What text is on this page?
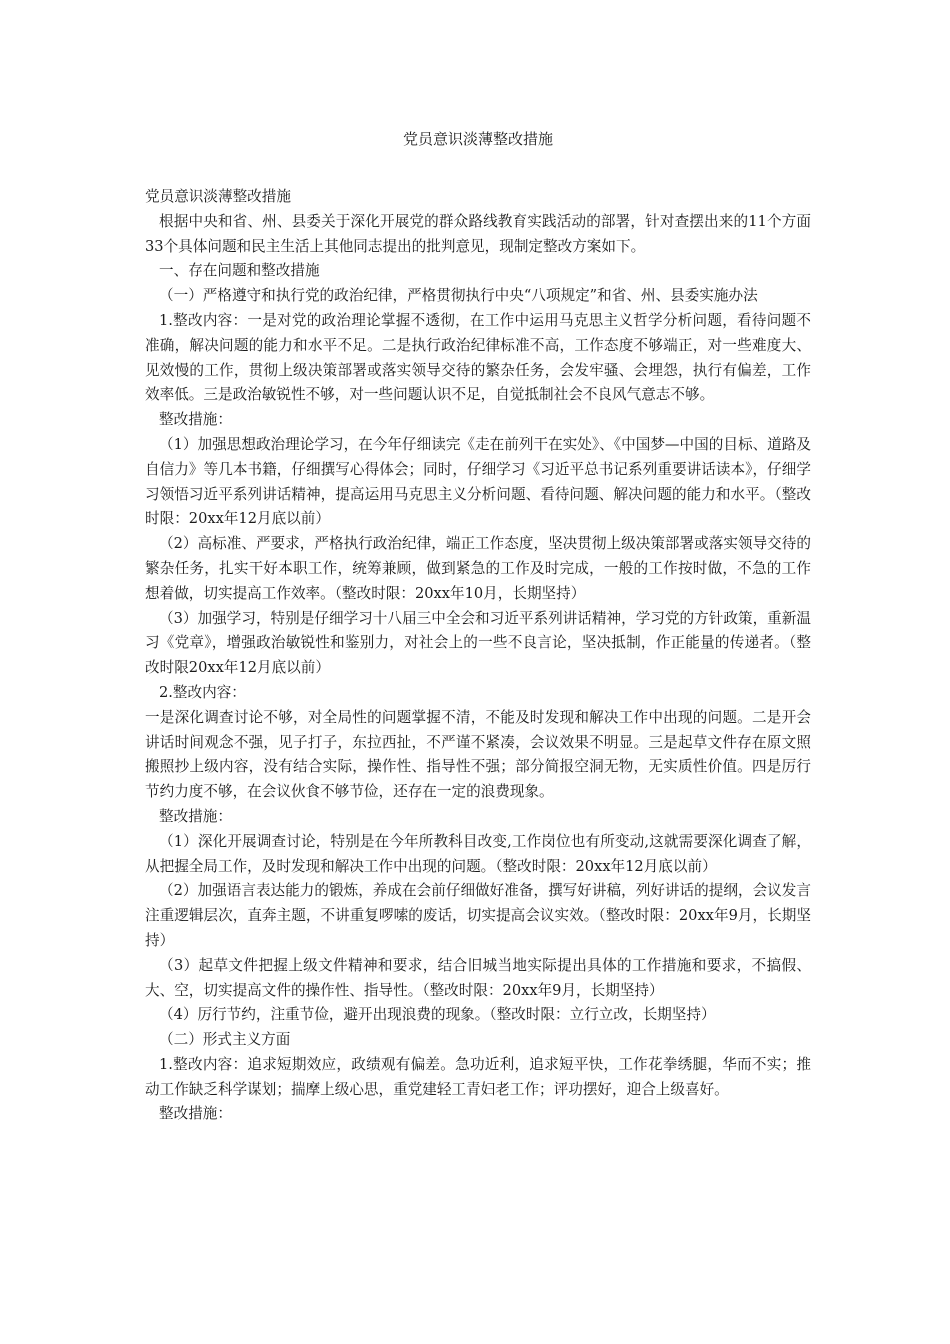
党员意识淡薄整改措施

党员意识淡薄整改措施

根据中央和省、州、县委关于深化开展党的群众路线教育实践活动的部署，针对查摆出来的11个方面33个具体问题和民主生活上其他同志提出的批判意见，现制定整改方案如下。

一、存在问题和整改措施

（一）严格遵守和执行党的政治纪律，严格贯彻执行中央“八项规定”和省、州、县委实施办法

1.整改内容：一是对党的政治理论掌握不透彻，在工作中运用马克思主义哲学分析问题，看待问题不准确，解决问题的能力和水平不足。二是执行政治纪律标准不高，工作态度不够端正，对一些难度大、见效慢的工作，贯彻上级决策部署或落实领导交待的繁杂任务，会发牢骚、会埋怨，执行有偏差，工作效率低。三是政治敏锐性不够，对一些问题认识不足，自觉抵制社会不良风气意志不够。

整改措施：

（1）加强思想政治理论学习，在今年仔细读完《走在前列干在实处》、《中国梦—中国的目标、道路及自信力》等几本书籍，仔细撰写心得体会；同时，仔细学习《习近平总书记系列重要讲话读本》，仔细学习领悟习近平系列讲话精神，提高运用马克思主义分析问题、看待问题、解决问题的能力和水平。（整改时限：20xx年12月底以前）

（2）高标准、严要求，严格执行政治纪律，端正工作态度，坚决贯彻上级决策部署或落实领导交待的繁杂任务，扎实干好本职工作，统筹兼顾，做到紧急的工作及时完成，一般的工作按时做，不急的工作想着做，切实提高工作效率。（整改时限：20xx年10月，长期坚持）

（3）加强学习，特别是仔细学习十八届三中全会和习近平系列讲话精神，学习党的方针政策，重新温习《党章》，增强政治敏锐性和鉴别力，对社会上的一些不良言论，坚决抵制，作正能量的传递者。（整改时限20xx年12月底以前）

2.整改内容：

一是深化调查讨论不够，对全局性的问题掌握不清，不能及时发现和解决工作中出现的问题。二是开会讲话时间观念不强，见子打子，东拉西扯，不严谨不紧凑，会议效果不明显。三是起草文件存在原文照搬照抄上级内容，没有结合实际，操作性、指导性不强；部分简报空洞无物，无实质性价值。四是厉行节约力度不够，在会议伙食不够节俭，还存在一定的浪费现象。

整改措施：

（1）深化开展调查讨论，特别是在今年所教科目改变,工作岗位也有所变动,这就需要深化调查了解，从把握全局工作，及时发现和解决工作中出现的问题。（整改时限：20xx年12月底以前）

（2）加强语言表达能力的锻炼，养成在会前仔细做好准备，撰写好讲稿，列好讲话的提纲，会议发言注重逻辑层次，直奔主题，不讲重复啰嗦的废话，切实提高会议实效。（整改时限：20xx年9月，长期坚持）

（3）起草文件把握上级文件精神和要求，结合旧城当地实际提出具体的工作措施和要求，不搞假、大、空，切实提高文件的操作性、指导性。（整改时限：20xx年9月，长期坚持）

（4）厉行节约，注重节俭，避开出现浪费的现象。（整改时限：立行立改，长期坚持）

（二）形式主义方面

1.整改内容：追求短期效应，政绩观有偏差。急功近利，追求短平快，工作花拳绣腿，华而不实；推动工作缺乏科学谋划；揣摩上级心思，重党建轻工青妇老工作；评功摆好，迎合上级喜好。

整改措施：
